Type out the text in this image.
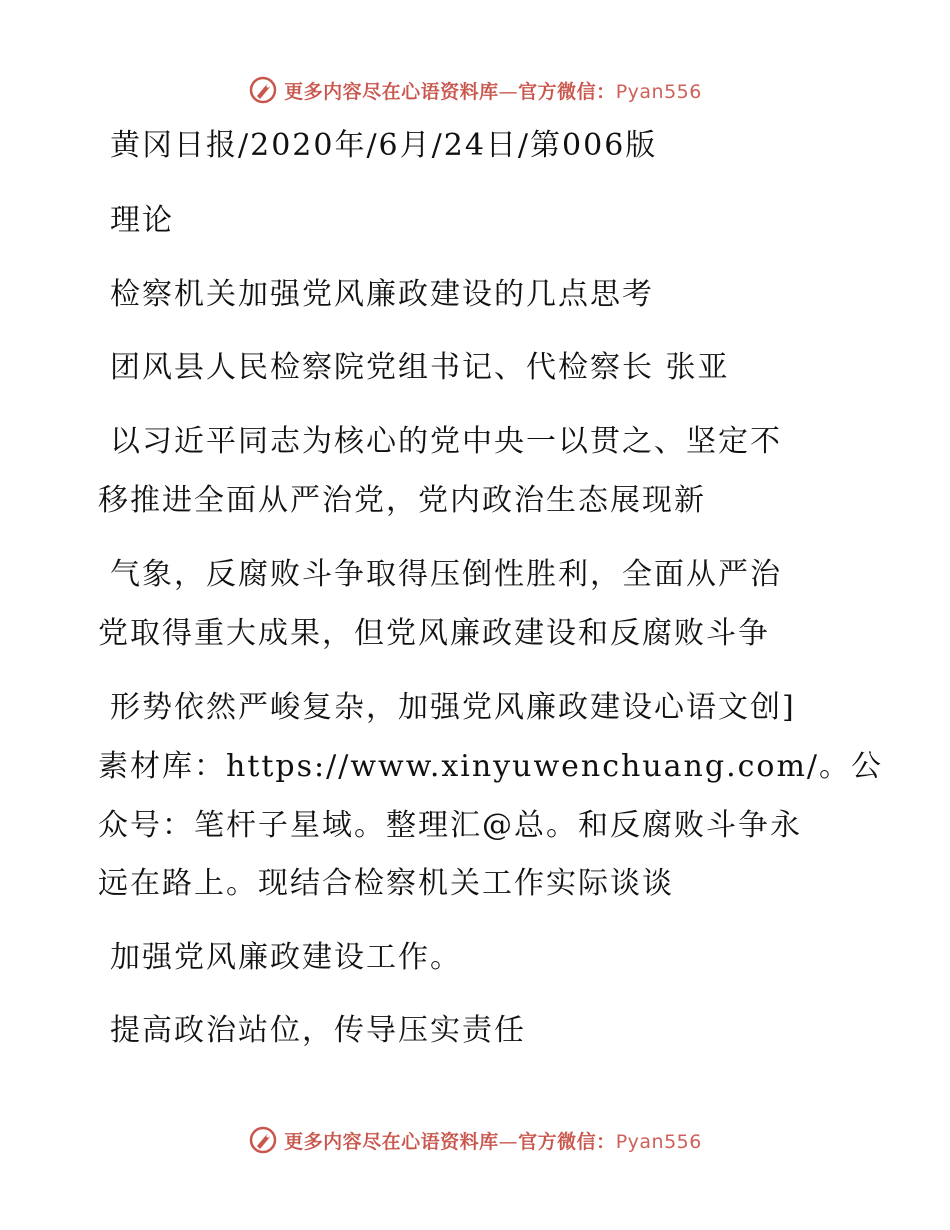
更多内容尽在心语资料库—官方微信：Pyan556
黄冈日报/2020年/6月/24日/第006版
理论
检察机关加强党风廉政建设的几点思考
团风县人民检察院党组书记、代检察长 张亚
以习近平同志为核心的党中央一以贯之、坚定不
移推进全面从严治党，党内政治生态展现新
气象，反腐败斗争取得压倒性胜利，全面从严治
党取得重大成果，但党风廉政建设和反腐败斗争
形势依然严峻复杂，加强党风廉政建设心语文创]
素材库：https://www.xinyuwenchuang.com/。公
众号：笔杆子星域。整理汇@总。和反腐败斗争永
远在路上。现结合检察机关工作实际谈谈
加强党风廉政建设工作。
提高政治站位，传导压实责任
更多内容尽在心语资料库—官方微信：Pyan556
